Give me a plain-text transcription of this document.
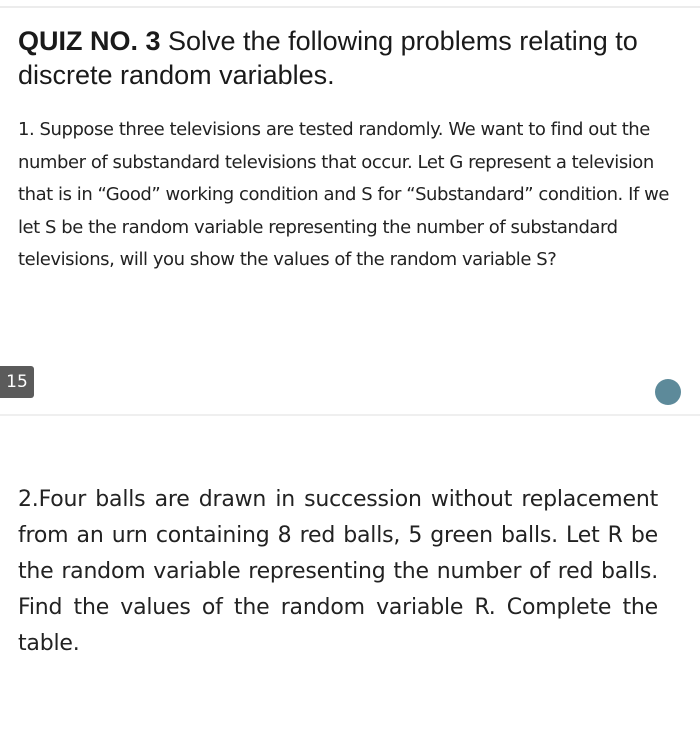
QUIZ NO. 3 Solve the following problems relating to discrete random variables.
1. Suppose three televisions are tested randomly. We want to find out the number of substandard televisions that occur. Let G represent a television that is in “Good” working condition and S for “Substandard” condition. If we let S be the random variable representing the number of substandard televisions, will you show the values of the random variable S?
15
2.Four balls are drawn in succession without replacement from an urn containing 8 red balls, 5 green balls. Let R be the random variable representing the number of red balls. Find the values of the random variable R. Complete the table.
